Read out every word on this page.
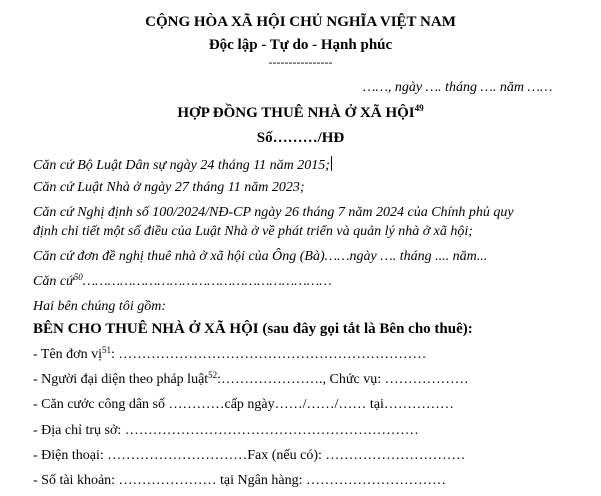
CỘNG HÒA XÃ HỘI CHỦ NGHĨA VIỆT NAM
Độc lập - Tự do - Hạnh phúc
----------------
……, ngày …. tháng …. năm ……
HỢP ĐỒNG THUÊ NHÀ Ở XÃ HỘI$^{49}$
Số………/HĐ
Căn cứ Bộ Luật Dân sự ngày 24 tháng 11 năm 2015;
Căn cứ Luật Nhà ở ngày 27 tháng 11 năm 2023;
Căn cứ Nghị định số 100/2024/NĐ-CP ngày 26 tháng 7 năm 2024 của Chính phủ quy
định chi tiết một số điều của Luật Nhà ở về phát triển và quản lý nhà ở xã hội;
Căn cứ đơn đề nghị thuê nhà ở xã hội của Ông (Bà)……ngày …. tháng .... năm...
Căn cứ$^{50}$……………………………………………………
Hai bên chúng tôi gồm:
BÊN CHO THUÊ NHÀ Ở XÃ HỘI (sau đây gọi tắt là Bên cho thuê):
- Tên đơn vị$^{51}$: …………………………………………………………
- Người đại diện theo pháp luật$^{52}$:…………………., Chức vụ: ………………
- Căn cước công dân số …………cấp ngày……/……/…… tại……………
- Địa chỉ trụ sở: ………………………………………………………
- Điện thoại: …………………………Fax (nếu có): …………………………
- Số tài khoản: ………………… tại Ngân hàng: …………………………
